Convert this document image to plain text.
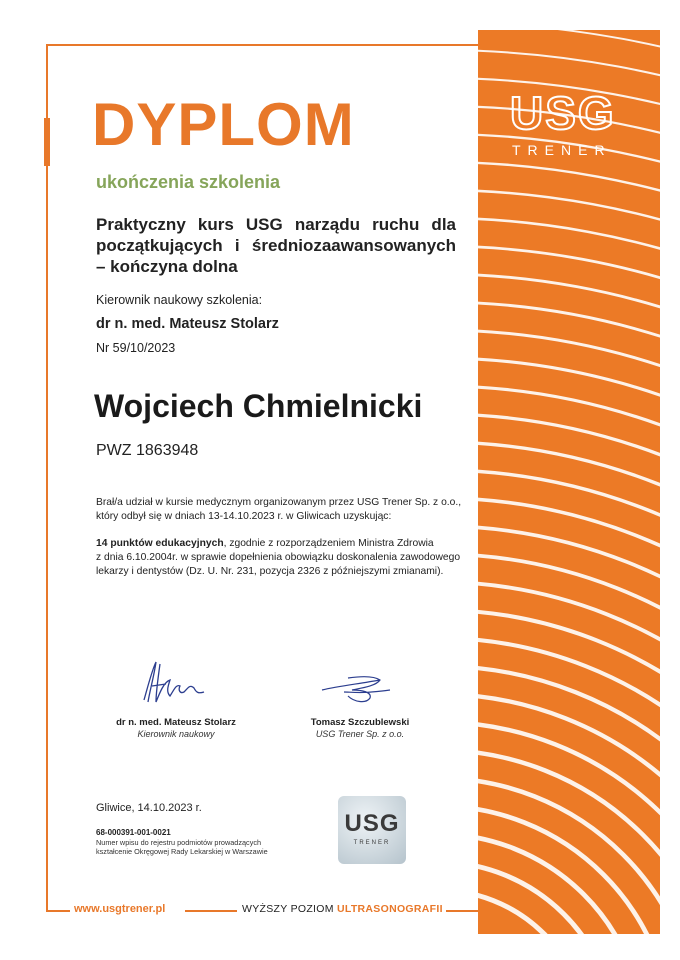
USG
TRENER
DYPLOM
ukończenia szkolenia
Praktyczny kurs USG narządu ruchu dla
początkujących i średniozaawansowanych
– kończyna dolna
Kierownik naukowy szkolenia:
dr n. med. Mateusz Stolarz
Nr 59/10/2023
Wojciech Chmielnicki
PWZ 1863948
Brał/a udział w kursie medycznym organizowanym przez USG Trener Sp. z o.o.,
który odbył się w dniach 13-14.10.2023 r. w Gliwicach uzyskując:
14 punktów edukacyjnych, zgodnie z rozporządzeniem Ministra Zdrowia
z dnia 6.10.2004r. w sprawie dopełnienia obowiązku doskonalenia zawodowego
lekarzy i dentystów (Dz. U. Nr. 231, pozycja 2326 z późniejszymi zmianami).
dr n. med. Mateusz Stolarz
Kierownik naukowy
Tomasz Szczublewski
USG Trener Sp. z o.o.
Gliwice, 14.10.2023 r.
68-000391-001-0021
Numer wpisu do rejestru podmiotów prowadzących kształcenie Okręgowej Rady Lekarskiej w Warszawie
USG
TRENER
www.usgtrener.pl	WYŻSZY POZIOM ULTRASONOGRAFII
